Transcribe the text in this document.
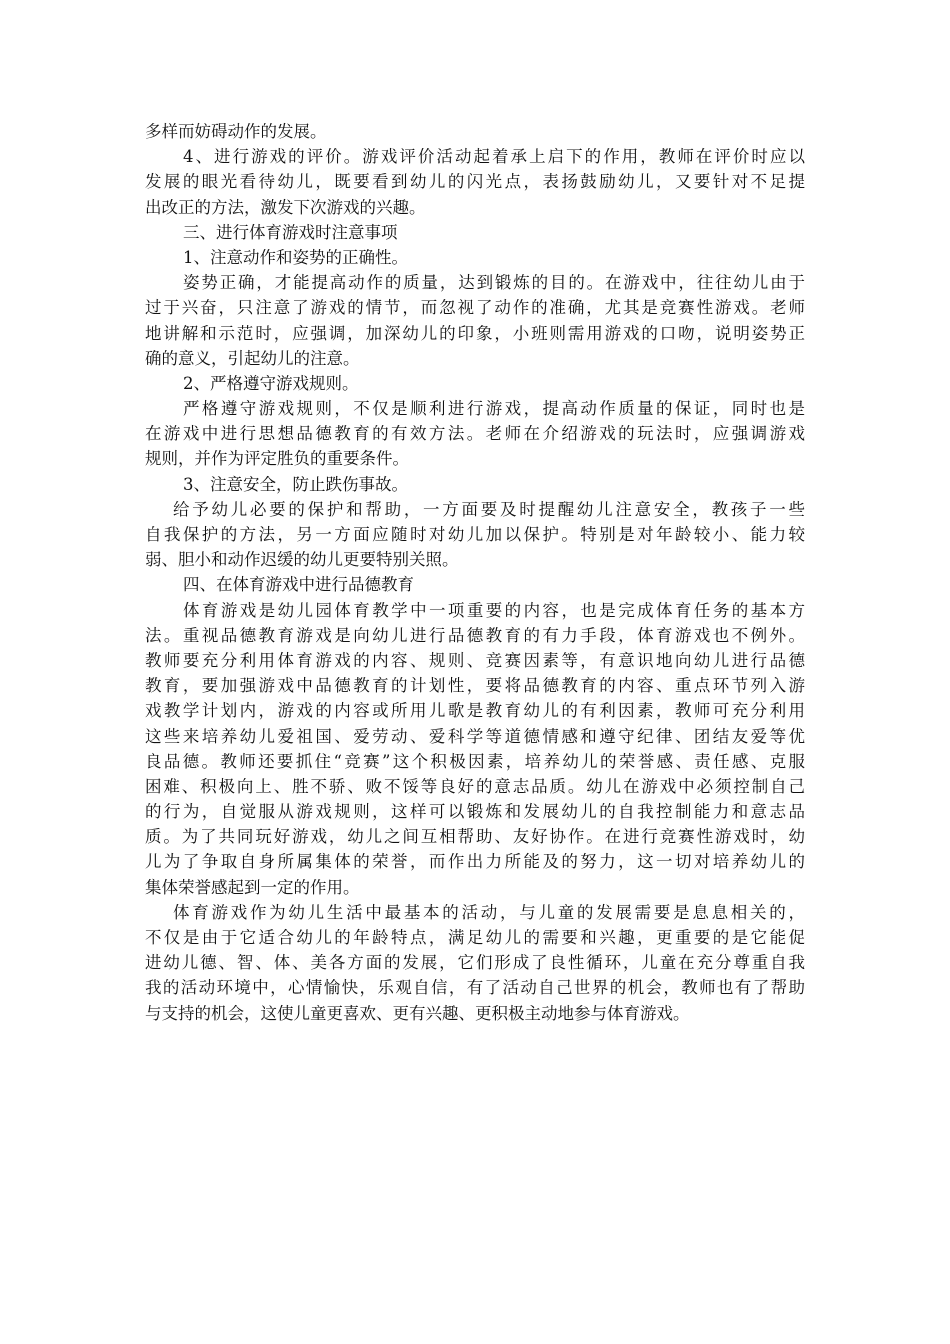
多样而妨碍动作的发展。
4、进行游戏的评价。游戏评价活动起着承上启下的作用，教师在评价时应以
发展的眼光看待幼儿，既要看到幼儿的闪光点，表扬鼓励幼儿，又要针对不足提
出改正的方法，激发下次游戏的兴趣。
三、进行体育游戏时注意事项
1、注意动作和姿势的正确性。
姿势正确，才能提高动作的质量，达到锻炼的目的。在游戏中，往往幼儿由于
过于兴奋，只注意了游戏的情节，而忽视了动作的准确，尤其是竞赛性游戏。老师
地讲解和示范时，应强调，加深幼儿的印象，小班则需用游戏的口吻，说明姿势正
确的意义，引起幼儿的注意。
2、严格遵守游戏规则。
严格遵守游戏规则，不仅是顺利进行游戏，提高动作质量的保证，同时也是
在游戏中进行思想品德教育的有效方法。老师在介绍游戏的玩法时，应强调游戏
规则，并作为评定胜负的重要条件。
3、注意安全，防止跌伤事故。
给予幼儿必要的保护和帮助，一方面要及时提醒幼儿注意安全，教孩子一些
自我保护的方法，另一方面应随时对幼儿加以保护。特别是对年龄较小、能力较
弱、胆小和动作迟缓的幼儿更要特别关照。
四、在体育游戏中进行品德教育
体育游戏是幼儿园体育教学中一项重要的内容，也是完成体育任务的基本方
法。重视品德教育游戏是向幼儿进行品德教育的有力手段，体育游戏也不例外。
教师要充分利用体育游戏的内容、规则、竞赛因素等，有意识地向幼儿进行品德
教育，要加强游戏中品德教育的计划性，要将品德教育的内容、重点环节列入游
戏教学计划内，游戏的内容或所用儿歌是教育幼儿的有利因素，教师可充分利用
这些来培养幼儿爱祖国、爱劳动、爱科学等道德情感和遵守纪律、团结友爱等优
良品德。教师还要抓住“竞赛”这个积极因素，培养幼儿的荣誉感、责任感、克服
困难、积极向上、胜不骄、败不馁等良好的意志品质。幼儿在游戏中必须控制自己
的行为，自觉服从游戏规则，这样可以锻炼和发展幼儿的自我控制能力和意志品
质。为了共同玩好游戏，幼儿之间互相帮助、友好协作。在进行竞赛性游戏时，幼
儿为了争取自身所属集体的荣誉，而作出力所能及的努力，这一切对培养幼儿的
集体荣誉感起到一定的作用。
体育游戏作为幼儿生活中最基本的活动，与儿童的发展需要是息息相关的，
不仅是由于它适合幼儿的年龄特点，满足幼儿的需要和兴趣，更重要的是它能促
进幼儿德、智、体、美各方面的发展，它们形成了良性循环，儿童在充分尊重自我
我的活动环境中，心情愉快，乐观自信，有了活动自己世界的机会，教师也有了帮助
与支持的机会，这使儿童更喜欢、更有兴趣、更积极主动地参与体育游戏。
